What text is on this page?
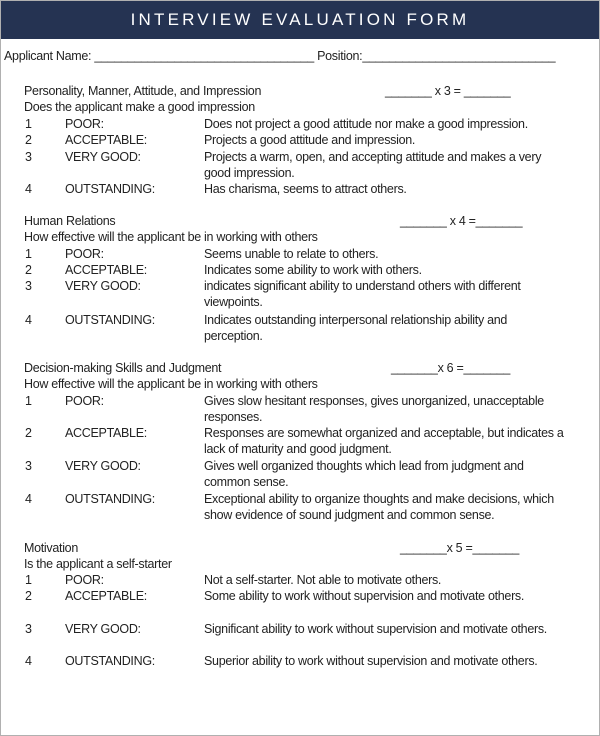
INTERVIEW EVALUATION FORM
Applicant Name: _________________________________ Position:_____________________________
Personality, Manner, Attitude, and Impression	_______ x 3 = _______
Does the applicant make a good impression
1	POOR:	Does not project a good attitude nor make a good impression.
2	ACCEPTABLE:	Projects a good attitude and impression.
3	VERY GOOD:	Projects a warm, open, and accepting attitude and makes a very good impression.
4	OUTSTANDING:	Has charisma, seems to attract others.
Human Relations	_______ x 4 =_______
How effective will the applicant be in working with others
1	POOR:	Seems unable to relate to others.
2	ACCEPTABLE:	Indicates some ability to work with others.
3	VERY GOOD:	indicates significant ability to understand others with different viewpoints.
4	OUTSTANDING:	Indicates outstanding interpersonal relationship ability and perception.
Decision-making Skills and Judgment	_______x 6 =_______
How effective will the applicant be in working with others
1	POOR:	Gives slow hesitant responses, gives unorganized, unacceptable responses.
2	ACCEPTABLE:	Responses are somewhat organized and acceptable, but indicates a lack of maturity and good judgment.
3	VERY GOOD:	Gives well organized thoughts which lead from judgment and common sense.
4	OUTSTANDING:	Exceptional ability to organize thoughts and make decisions, which show evidence of sound judgment and common sense.
Motivation	_______x 5 =_______
Is the applicant a self-starter
1	POOR:	Not a self-starter. Not able to motivate others.
2	ACCEPTABLE:	Some ability to work without supervision and motivate others.
3	VERY GOOD:	Significant ability to work without supervision and motivate others.
4	OUTSTANDING:	Superior ability to work without supervision and motivate others.
